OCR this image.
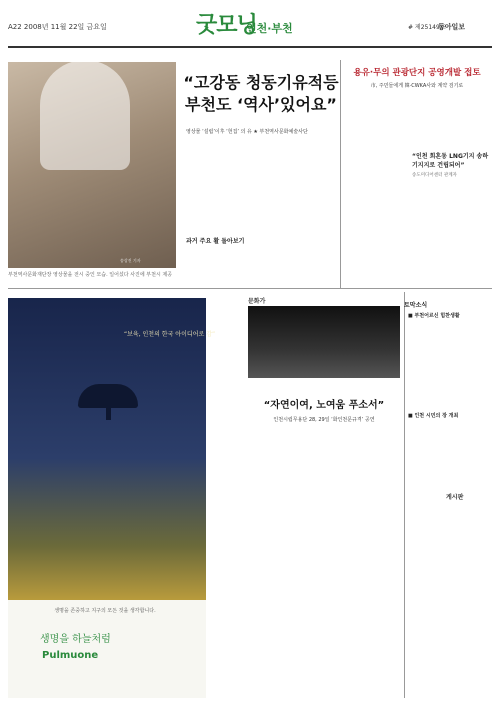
A22 2008년 11월 22일 금요일	굿모닝
인천·부천	# 제25149호
동아일보
송상진 기자
부천역사문화재단장 영상물을 전시 중인 모습. 일어섰다 사진에 부천시 제공
“고강동 청동기유적등
부천도 ‘역사’있어요”
영상물 ‘설립’이후 ‘헌집’ 의 유 ★ 부천역사문화예술사단
과거 주요 활 돌아보기
용유·무의 관광단지 공영개발 접토
市, 주민들에게 韓·CWKA사와 계약 검기로
“인천 회혼동 LNG기지 송하기지지로 건립되어”
송도미디어센터 관계자
“보육, 인천의 한국 아이디어로 감”
생명을 존중하고 지구의 모든 것을 생각합니다.
생명을 하늘처럼
Pulmuone
문화가
“자연이여, 노여움 푸소서”
인천시립무용단 28, 29일 ‘화인천문규격’ 공연
토막소식
■ 부천어르신 힘찬생활
■ 인천 시민의 장 개최
게시판
